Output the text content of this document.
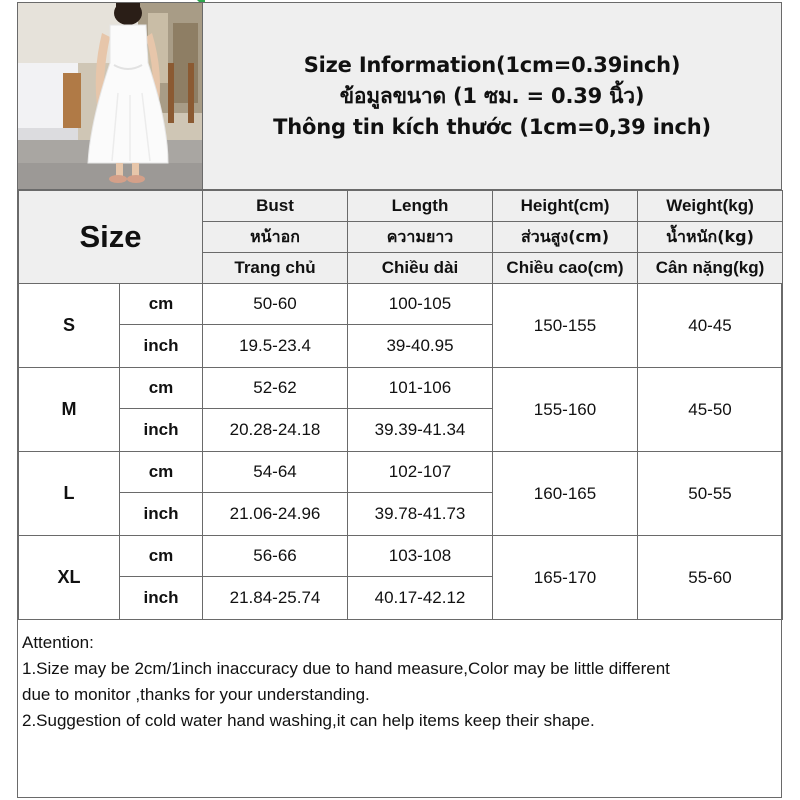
Size Information(1cm=0.39inch)
ข้อมูลขนาด (1 ซม. = 0.39 นิ้ว)
Thông tin kích thước (1cm=0,39 inch)
Size		Bust	Length	Height(cm)	Weight(kg)
		หน้าอก	ความยาว	ส่วนสูง(cm)	น้ำหนัก(kg)
		Trang chủ	Chiều dài	Chiều cao(cm)	Cân nặng(kg)
S	cm	50-60	100-105	150-155	40-45
	inch	19.5-23.4	39-40.95		
M	cm	52-62	101-106	155-160	45-50
	inch	20.28-24.18	39.39-41.34		
L	cm	54-64	102-107	160-165	50-55
	inch	21.06-24.96	39.78-41.73		
XL	cm	56-66	103-108	165-170	55-60
	inch	21.84-25.74	40.17-42.12		

Attention:

1.Size may be 2cm/1inch inaccuracy due to hand measure,Color may be little different

due to monitor ,thanks for your understanding.

2.Suggestion of cold water hand washing,it can help items keep their shape.
